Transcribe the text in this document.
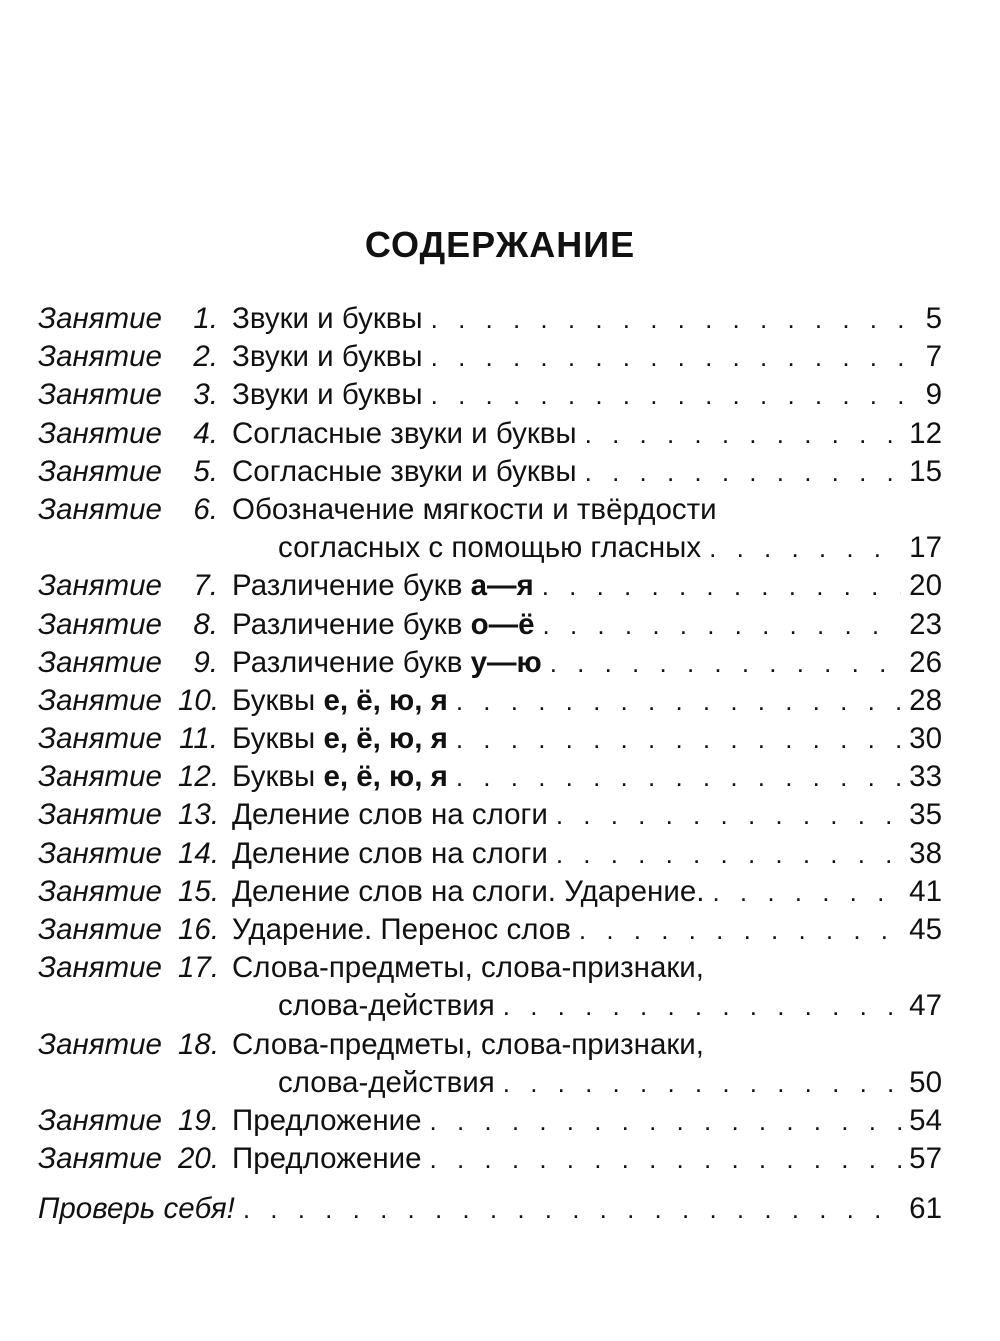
СОДЕРЖАНИЕ
Занятие 1. Звуки и буквы . . .	5
Занятие 2. Звуки и буквы . . .	7
Занятие 3. Звуки и буквы . . .	9
Занятие 4. Согласные звуки и буквы . . .	12
Занятие 5. Согласные звуки и буквы . . .	15
Занятие 6. Обозначение мягкости и твёрдости
согласных с помощью гласных . . .	17
Занятие 7. Различение букв а—я . . .	20
Занятие 8. Различение букв о—ё . . .	23
Занятие 9. Различение букв у—ю . . .	26
Занятие 10. Буквы е, ё, ю, я . . .	28
Занятие 11. Буквы е, ё, ю, я . . .	30
Занятие 12. Буквы е, ё, ю, я . . .	33
Занятие 13. Деление слов на слоги . . .	35
Занятие 14. Деление слов на слоги . . .	38
Занятие 15. Деление слов на слоги. Ударение. . . .	41
Занятие 16. Ударение. Перенос слов . . .	45
Занятие 17. Слова-предметы, слова-признаки,
слова-действия . . .	47
Занятие 18. Слова-предметы, слова-признаки,
слова-действия . . .	50
Занятие 19. Предложение . . .	54
Занятие 20. Предложение . . .	57
Проверь себя! . . .	61
